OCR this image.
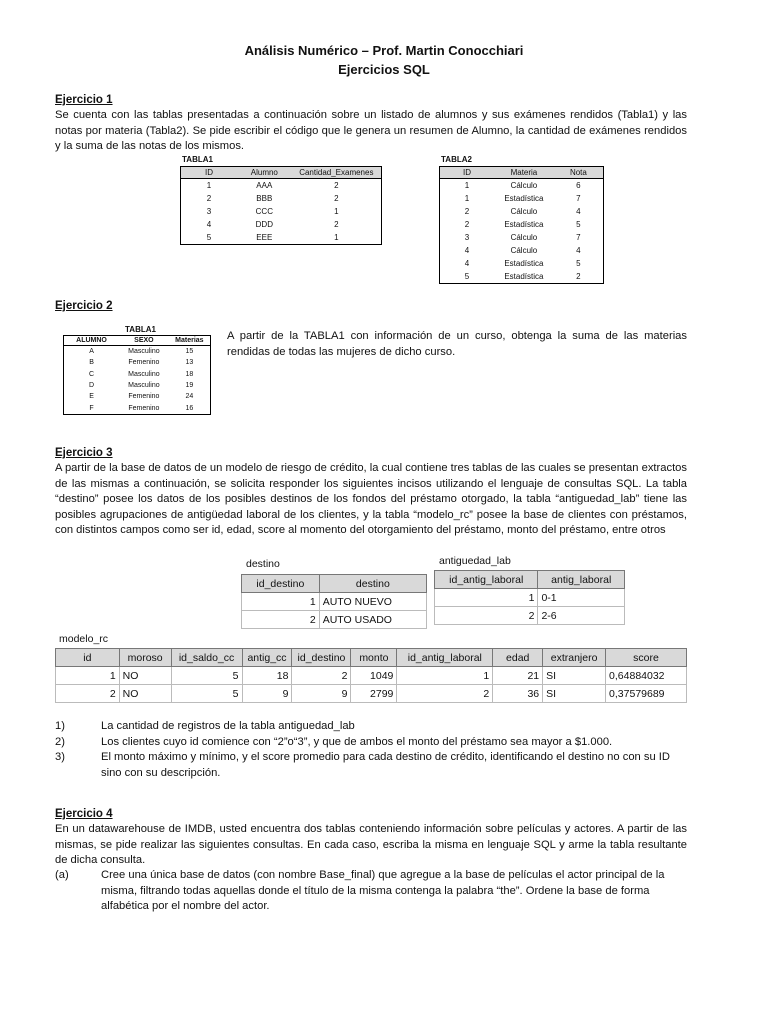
Análisis Numérico – Prof. Martin Conocchiari
Ejercicios SQL
Ejercicio 1

Se cuenta con las tablas presentadas a continuación sobre un listado de alumnos y sus exámenes rendidos (Tabla1) y las notas por materia (Tabla2). Se pide escribir el código que le genera un resumen de Alumno, la cantidad de exámenes rendidos y la suma de las notas de los mismos.

TABLA1
ID	Alumno	Cantidad_Examenes
1	AAA	2
2	BBB	2
3	CCC	1
4	DDD	2
5	EEE	1
TABLA2
ID	Materia	Nota
1	Cálculo	6
1	Estadística	7
2	Cálculo	4
2	Estadística	5
3	Cálculo	7
4	Cálculo	4
4	Estadística	5
5	Estadística	2
Ejercicio 2
TABLA1
ALUMNO	SEXO	Materias
A	Masculino	15
B	Femenino	13
C	Masculino	18
D	Masculino	19
E	Femenino	24
F	Femenino	16

A partir de la TABLA1 con información de un curso, obtenga la suma de las materias rendidas de todas las mujeres de dicho curso.

Ejercicio 3

A partir de la base de datos de un modelo de riesgo de crédito, la cual contiene tres tablas de las cuales se presentan extractos de las mismas a continuación, se solicita responder los siguientes incisos utilizando el lenguaje de consultas SQL. La tabla “destino” posee los datos de los posibles destinos de los fondos del préstamo otorgado, la tabla “antiguedad_lab” tiene las posibles agrupaciones de antigüedad laboral de los clientes, y la tabla “modelo_rc” posee la base de clientes con préstamos, con distintos campos como ser id, edad, score al momento del otorgamiento del préstamo, monto del préstamo, entre otros

destino
id_destino	destino
1	AUTO NUEVO
2	AUTO USADO
antiguedad_lab
id_antig_laboral	antig_laboral
1	0-1
2	2-6
modelo_rc
id	moroso	id_saldo_cc	antig_cc	id_destino	monto	id_antig_laboral	edad	extranjero	score
1	NO	5	18	2	1049	1	21	SI	0,64884032
2	NO	5	9	9	2799	2	36	SI	0,37579689
1)	La cantidad de registros de la tabla antiguedad_lab
2)	Los clientes cuyo id comience con “2”o“3”, y que de ambos el monto del préstamo sea mayor a $1.000.
3)	El monto máximo y mínimo, y el score promedio para cada destino de crédito, identificando el destino no con su ID sino con su descripción.
Ejercicio 4

En un datawarehouse de IMDB, usted encuentra dos tablas conteniendo información sobre películas y actores. A partir de las mismas, se pide realizar las siguientes consultas. En cada caso, escriba la misma en lenguaje SQL y arme la tabla resultante de dicha consulta.

(a)	Cree una única base de datos (con nombre Base_final) que agregue a la base de películas el actor principal de la misma, filtrando todas aquellas donde el título de la misma contenga la palabra “the”. Ordene la base de forma alfabética por el nombre del actor.
